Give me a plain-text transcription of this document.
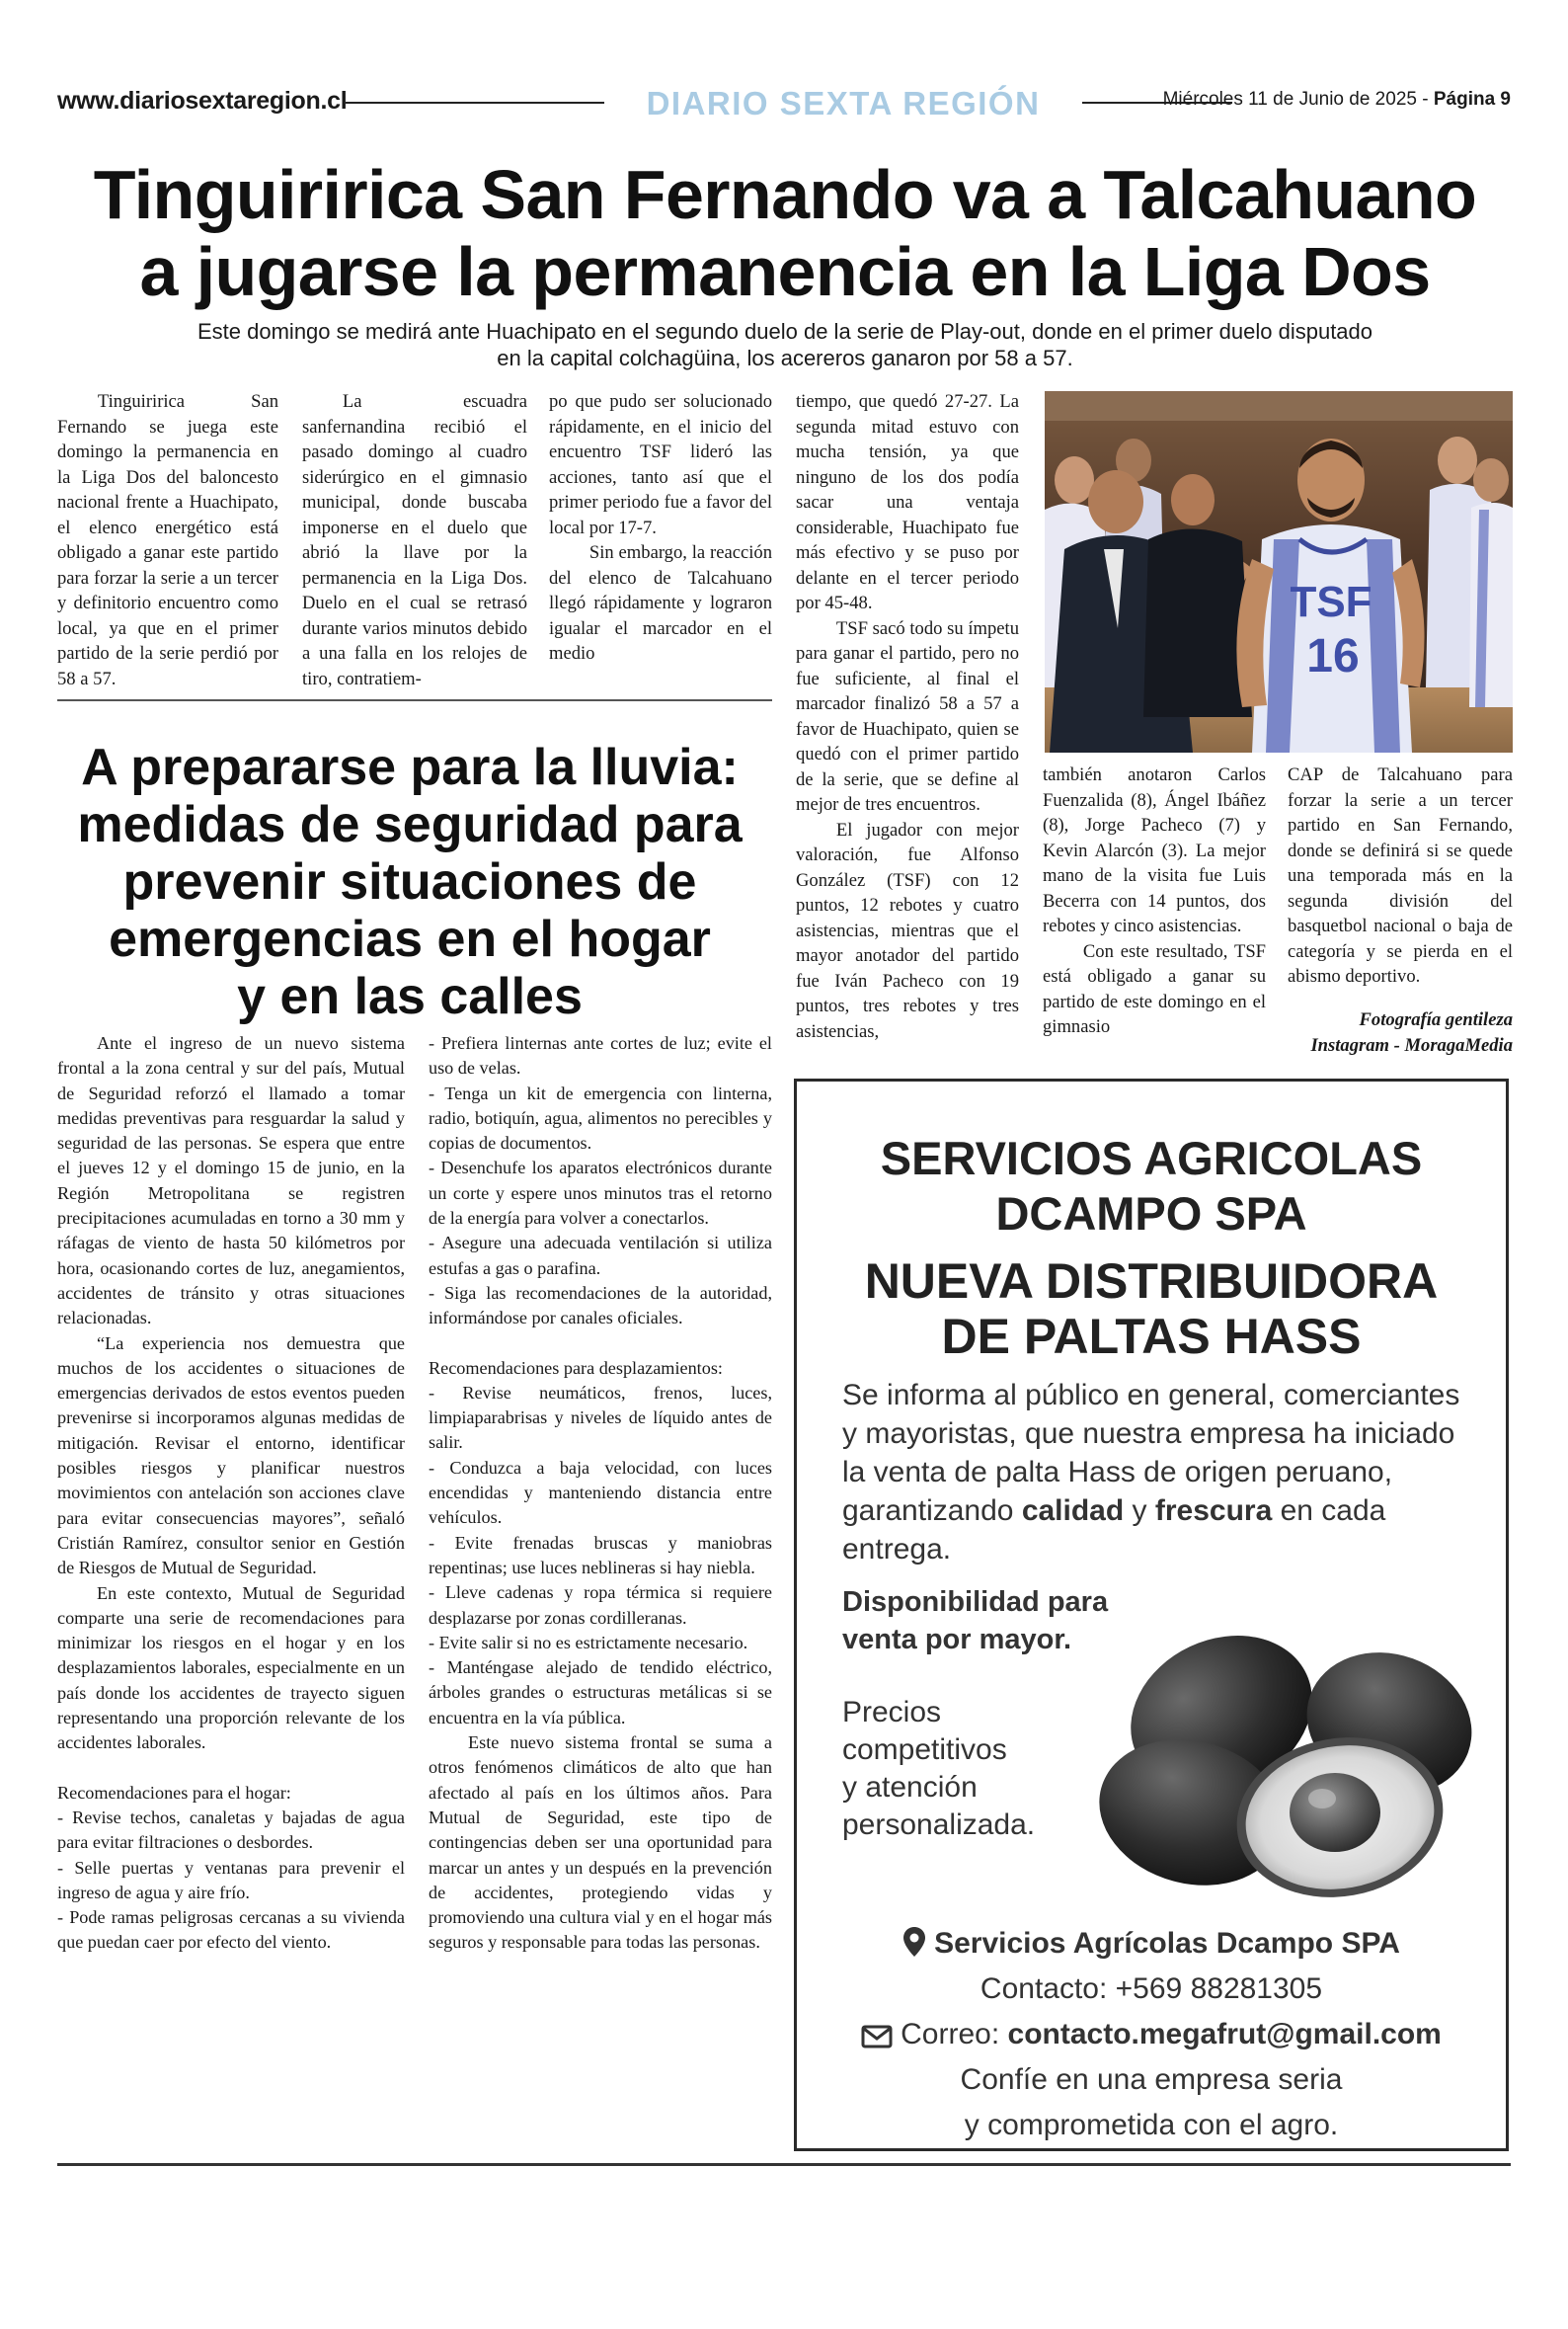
www.diariosextaregion.cl	DIARIO SEXTA REGIÓN	Miércoles 11 de Junio de 2025 - Página 9
Tinguiririca San Fernando va a Talcahuano
a jugarse la permanencia en la Liga Dos
Este domingo se medirá ante Huachipato en el segundo duelo de la serie de Play-out, donde en el primer duelo disputado
en la capital colchagüina, los acereros ganaron por 58 a 57.

Tinguiririca San Fernando se juega este domingo la permanencia en la Liga Dos del baloncesto nacional frente a Huachipato, el elenco energético está obligado a ganar este partido para forzar la serie a un tercer y definitorio encuentro como local, ya que en el primer partido de la serie perdió por 58 a 57.

La escuadra sanfernandina recibió el pasado domingo al cuadro siderúrgico en el gimnasio municipal, donde buscaba imponerse en el duelo que abrió la llave por la permanencia en la Liga Dos. Duelo en el cual se retrasó durante varios minutos debido a una falla en los relojes de tiro, contratiem-

po que pudo ser solucionado rápidamente, en el inicio del encuentro TSF lideró las acciones, tanto así que el primer periodo fue a favor del local por 17-7.

Sin embargo, la reacción del elenco de Talcahuano llegó rápidamente y lograron igualar el marcador en el medio

tiempo, que quedó 27-27. La segunda mitad estuvo con mucha tensión, ya que ninguno de los dos podía sacar una ventaja considerable, Huachipato fue más efectivo y se puso por delante en el tercer periodo por 45-48.

TSF sacó todo su ímpetu para ganar el partido, pero no fue suficiente, al final el marcador finalizó 58 a 57 a favor de Huachipato, quien se quedó con el primer partido de la serie, que se define al mejor de tres encuentros.

El jugador con mejor valoración, fue Alfonso González (TSF) con 12 puntos, 12 rebotes y cuatro asistencias, mientras que el mayor anotador del partido fue Iván Pacheco con 19 puntos, tres rebotes y tres asistencias,

también anotaron Carlos Fuenzalida (8), Ángel Ibáñez (8), Jorge Pacheco (7) y Kevin Alarcón (3). La mejor mano de la visita fue Luis Becerra con 14 puntos, dos rebotes y cinco asistencias.

Con este resultado, TSF está obligado a ganar su partido de este domingo en el gimnasio

CAP de Talcahuano para forzar la serie a un tercer partido en San Fernando, donde se definirá si se quede una temporada más en la segunda división del basquetbol nacional o baja de categoría y se pierda en el abismo deportivo.

TSF
16
Fotografía gentileza
Instagram - MoragaMedia
A prepararse para la lluvia:
medidas de seguridad para
prevenir situaciones de
emergencias en el hogar
y en las calles

Ante el ingreso de un nuevo sistema frontal a la zona central y sur del país, Mutual de Seguridad reforzó el llamado a tomar medidas preventivas para resguardar la salud y seguridad de las personas. Se espera que entre el jueves 12 y el domingo 15 de junio, en la Región Metropolitana se registren precipitaciones acumuladas en torno a 30 mm y ráfagas de viento de hasta 50 kilómetros por hora, ocasionando cortes de luz, anegamientos, accidentes de tránsito y otras situaciones relacionadas.

“La experiencia nos demuestra que muchos de los accidentes o situaciones de emergencias derivados de estos eventos pueden prevenirse si incorporamos algunas medidas de mitigación. Revisar el entorno, identificar posibles riesgos y planificar nuestros movimientos con antelación son acciones clave para evitar consecuencias mayores”, señaló Cristián Ramírez, consultor senior en Gestión de Riesgos de Mutual de Seguridad.

En este contexto, Mutual de Seguridad comparte una serie de recomendaciones para minimizar los riesgos en el hogar y en los desplazamientos laborales, especialmente en un país donde los accidentes de trayecto siguen representando una proporción relevante de los accidentes laborales.

Recomendaciones para el hogar:

- Revise techos, canaletas y bajadas de agua para evitar filtraciones o desbordes.

- Selle puertas y ventanas para prevenir el ingreso de agua y aire frío.

- Pode ramas peligrosas cercanas a su vivienda que puedan caer por efecto del viento.

- Prefiera linternas ante cortes de luz; evite el uso de velas.

- Tenga un kit de emergencia con linterna, radio, botiquín, agua, alimentos no perecibles y copias de documentos.

- Desenchufe los aparatos electrónicos durante un corte y espere unos minutos tras el retorno de la energía para volver a conectarlos.

- Asegure una adecuada ventilación si utiliza estufas a gas o parafina.

- Siga las recomendaciones de la autoridad, informándose por canales oficiales.

Recomendaciones para desplazamientos:

- Revise neumáticos, frenos, luces, limpiaparabrisas y niveles de líquido antes de salir.

- Conduzca a baja velocidad, con luces encendidas y manteniendo distancia entre vehículos.

- Evite frenadas bruscas y maniobras repentinas; use luces neblineras si hay niebla.

- Lleve cadenas y ropa térmica si requiere desplazarse por zonas cordilleranas.

- Evite salir si no es estrictamente necesario.

- Manténgase alejado de tendido eléctrico, árboles grandes o estructuras metálicas si se encuentra en la vía pública.

Este nuevo sistema frontal se suma a otros fenómenos climáticos de alto que han afectado al país en los últimos años. Para Mutual de Seguridad, este tipo de contingencias deben ser una oportunidad para marcar un antes y un después en la prevención de accidentes, protegiendo vidas y promoviendo una cultura vial y en el hogar más seguros y responsable para todas las personas.

SERVICIOS AGRICOLAS
DCAMPO SPA
NUEVA DISTRIBUIDORA
DE PALTAS HASS
Se informa al público en general, comerciantes y mayoristas, que nuestra empresa ha iniciado la venta de palta Hass de origen peruano, garantizando calidad y frescura en cada entrega.
Disponibilidad para
venta por mayor.
Precios
competitivos
y atención
personalizada.
Servicios Agrícolas Dcampo SPA
Contacto: +569 88281305
Correo: contacto.megafrut@gmail.com
Confíe en una empresa seria
y comprometida con el agro.
